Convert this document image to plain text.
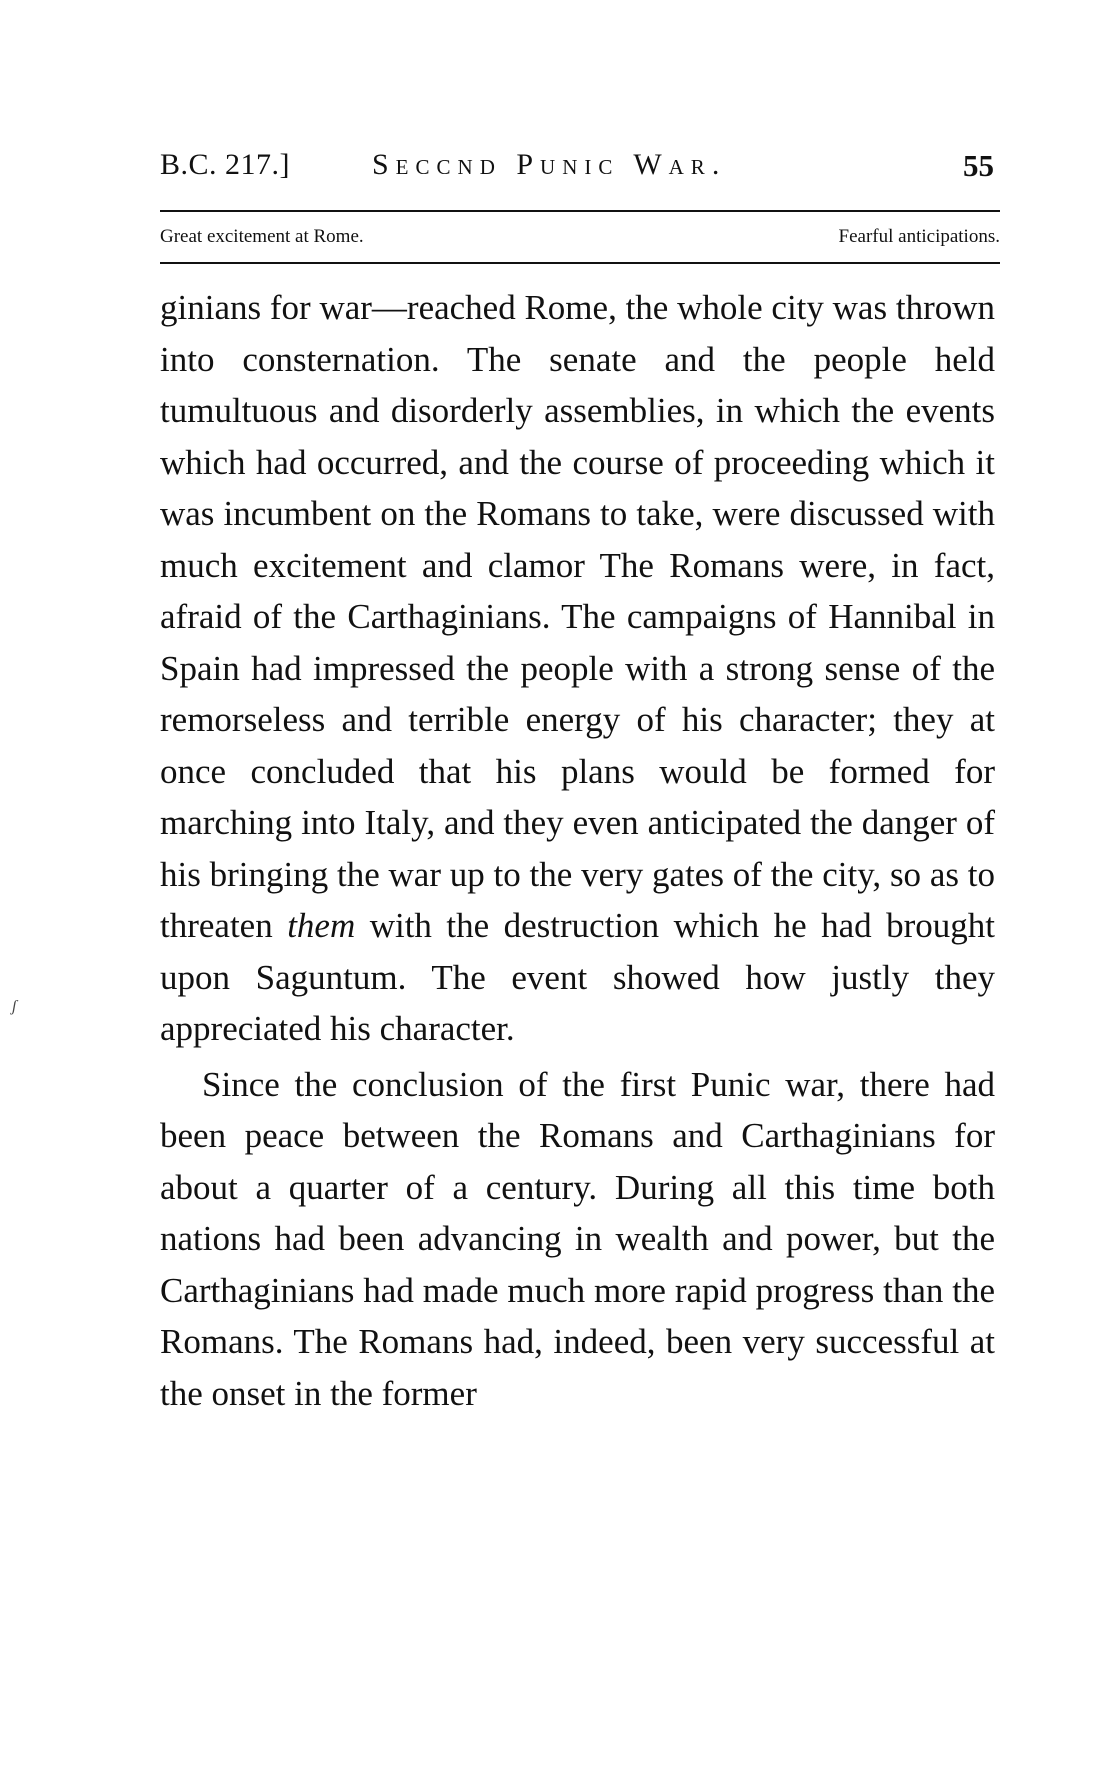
B.C. 217.]	Seccnd Punic War.	55
Great excitement at Rome.	Fearful anticipations.

ginians for war—reached Rome, the whole city was thrown into consternation. The senate and the people held tumultuous and disorderly assemblies, in which the events which had occurred, and the course of proceeding which it was incumbent on the Romans to take, were discussed with much excitement and clamor The Romans were, in fact, afraid of the Carthaginians. The campaigns of Hannibal in Spain had impressed the people with a strong sense of the remorseless and terrible energy of his character; they at once concluded that his plans would be formed for marching into Italy, and they even anticipated the danger of his bringing the war up to the very gates of the city, so as to threaten them with the destruction which he had brought upon Saguntum. The event showed how justly they appreciated his character.

Since the conclusion of the first Punic war, there had been peace between the Romans and Carthaginians for about a quarter of a century. During all this time both nations had been advancing in wealth and power, but the Carthaginians had made much more rapid progress than the Romans. The Romans had, indeed, been very successful at the onset in the former

ʃ
